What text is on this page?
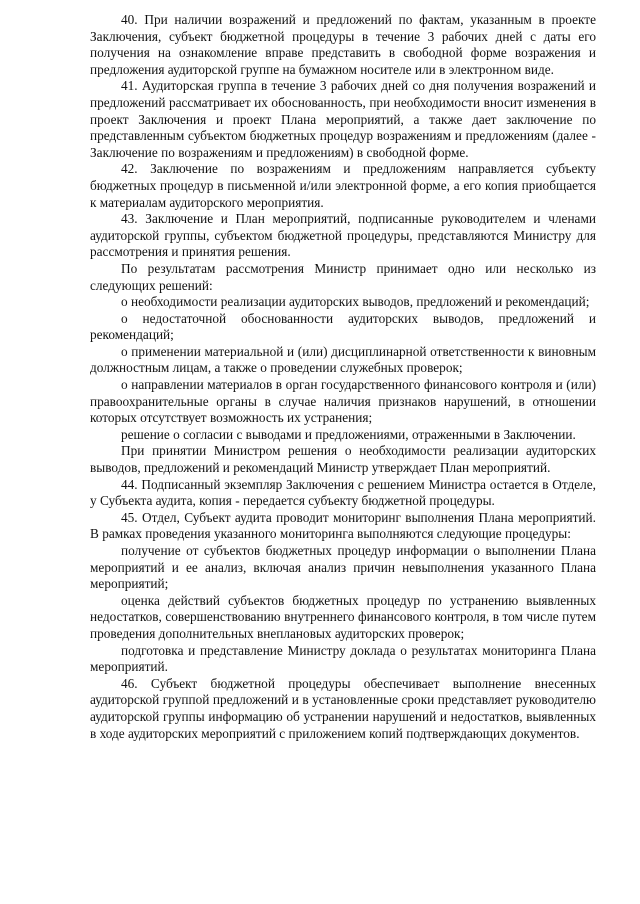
40. При наличии возражений и предложений по фактам, указанным в проекте Заключения, субъект бюджетной процедуры в течение 3 рабочих дней с даты его получения на ознакомление вправе представить в свободной форме возражения и предложения аудиторской группе на бумажном носителе или в электронном виде.

41. Аудиторская группа в течение 3 рабочих дней со дня получения возражений и предложений рассматривает их обоснованность, при необходимости вносит изменения в проект Заключения и проект Плана мероприятий, а также дает заключение по представленным субъектом бюджетных процедур возражениям и предложениям (далее - Заключение по возражениям и предложениям) в свободной форме.

42. Заключение по возражениям и предложениям направляется субъекту бюджетных процедур в письменной и/или электронной форме, а его копия приобщается к материалам аудиторского мероприятия.

43. Заключение и План мероприятий, подписанные руководителем и членами аудиторской группы, субъектом бюджетной процедуры, представляются Министру для рассмотрения и принятия решения.

По результатам рассмотрения Министр принимает одно или несколько из следующих решений:

о необходимости реализации аудиторских выводов, предложений и рекомендаций;

о недостаточной обоснованности аудиторских выводов, предложений и рекомендаций;

о применении материальной и (или) дисциплинарной ответственности к виновным должностным лицам, а также о проведении служебных проверок;

о направлении материалов в орган государственного финансового контроля и (или) правоохранительные органы в случае наличия признаков нарушений, в отношении которых отсутствует возможность их устранения;

решение о согласии с выводами и предложениями, отраженными в Заключении.

При принятии Министром решения о необходимости реализации аудиторских выводов, предложений и рекомендаций Министр утверждает План мероприятий.

44. Подписанный экземпляр Заключения с решением Министра остается в Отделе, у Субъекта аудита, копия - передается субъекту бюджетной процедуры.

45. Отдел, Субъект аудита проводит мониторинг выполнения Плана мероприятий. В рамках проведения указанного мониторинга выполняются следующие процедуры:

получение от субъектов бюджетных процедур информации о выполнении Плана мероприятий и ее анализ, включая анализ причин невыполнения указанного Плана мероприятий;

оценка действий субъектов бюджетных процедур по устранению выявленных недостатков, совершенствованию внутреннего финансового контроля, в том числе путем проведения дополнительных внеплановых аудиторских проверок;

подготовка и представление Министру доклада о результатах мониторинга Плана мероприятий.

46. Субъект бюджетной процедуры обеспечивает выполнение внесенных аудиторской группой предложений и в установленные сроки представляет руководителю аудиторской группы информацию об устранении нарушений и недостатков, выявленных в ходе аудиторских мероприятий с приложением копий подтверждающих документов.
